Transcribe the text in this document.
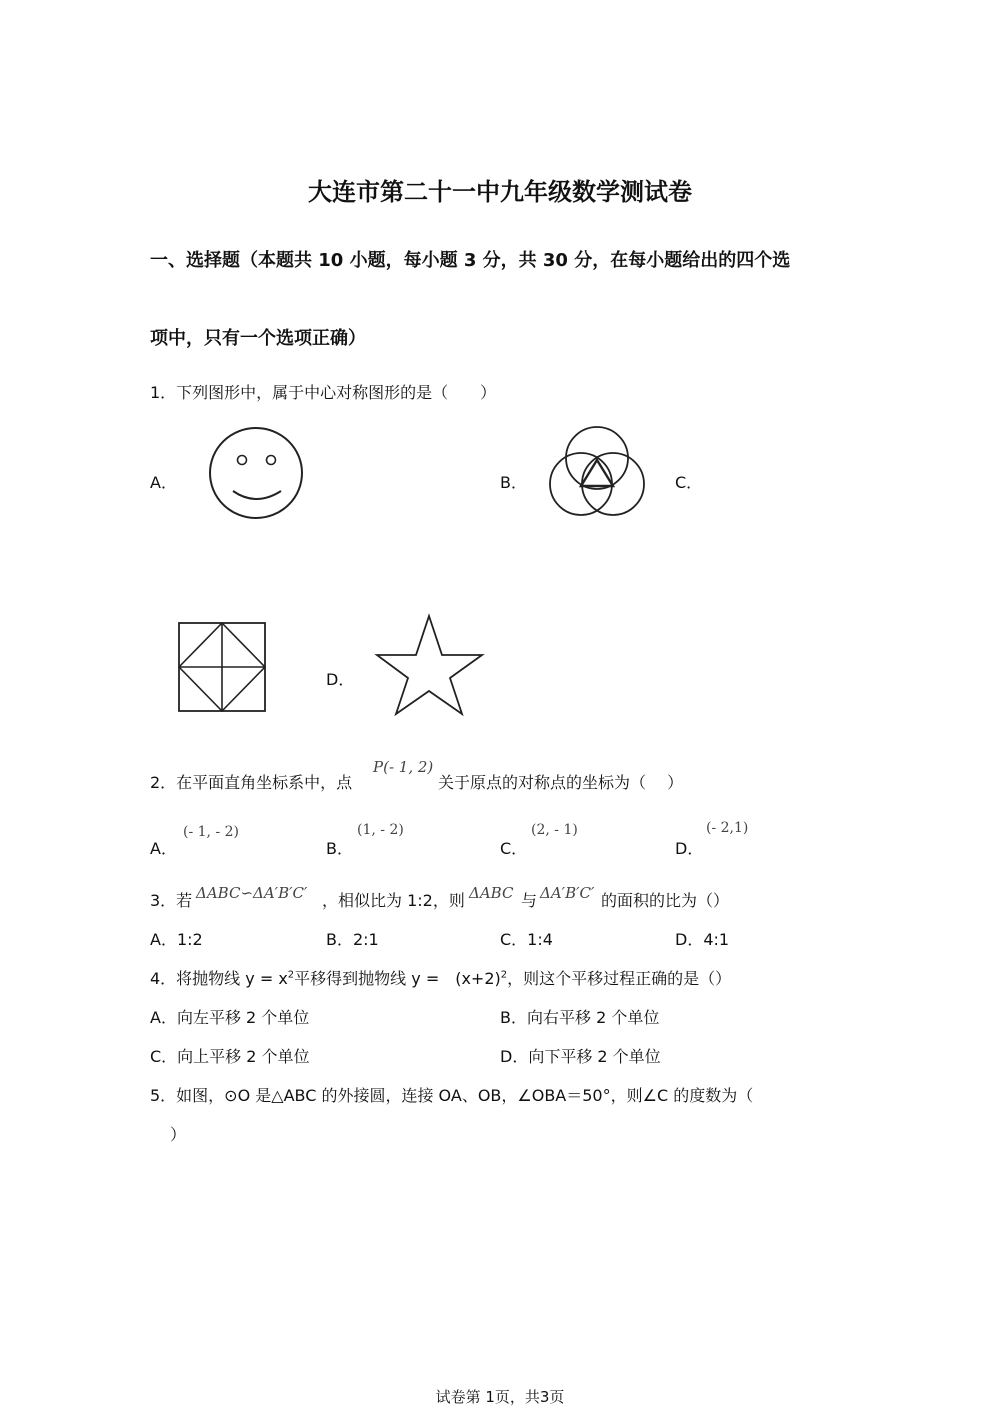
大连市第二十一中九年级数学测试卷
一、选择题（本题共 10 小题，每小题 3 分，共 30 分，在每小题给出的四个选
项中，只有一个选项正确）
1．下列图形中，属于中心对称图形的是（　　）
A．	B．	C．
D．
2．在平面直角坐标系中，点
P(- 1, 2)
关于原点的对称点的坐标为（　 ）
A．
(- 1, - 2)
B．
(1, - 2)
C．
(2, - 1)
D．
(- 2,1)
3．若 ΔABC∽ΔA′B′C′ ，相似比为 1:2，则 ΔABC 与 ΔA′B′C′ 的面积的比为（）
A．1:2	B．2:1	C．1:4	D．4:1
4．将抛物线 $y = x^2$平移得到抛物线 y =　$(x+2)^2$，则这个平移过程正确的是（）
A．向左平移 2 个单位	B．向右平移 2 个单位
C．向上平移 2 个单位	D．向下平移 2 个单位
5．如图，⊙O 是△ABC 的外接圆，连接 OA、OB，∠OBA＝50°，则∠C 的度数为（
）
试卷第 1页，共3页
